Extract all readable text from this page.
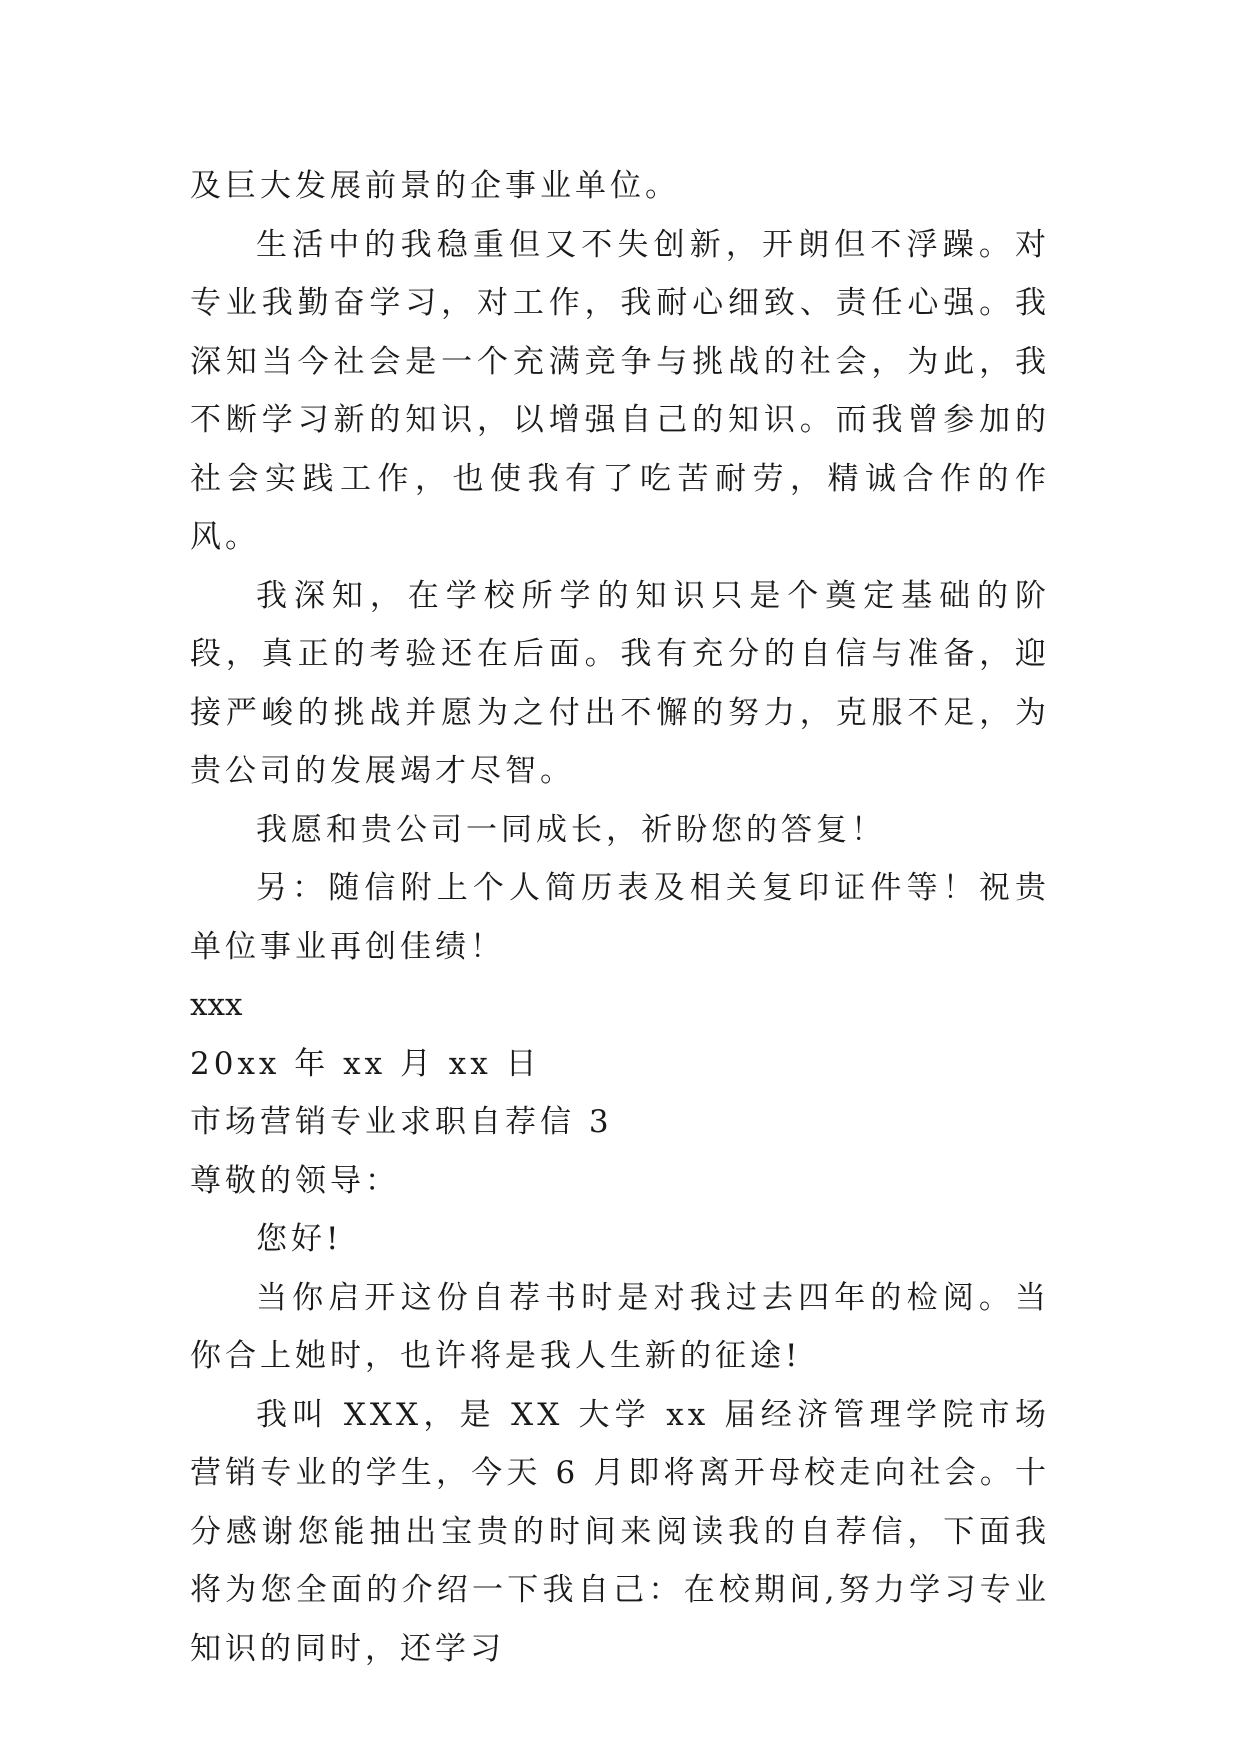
及巨大发展前景的企事业单位。

生活中的我稳重但又不失创新，开朗但不浮躁。对专业我勤奋学习，对工作，我耐心细致、责任心强。我深知当今社会是一个充满竞争与挑战的社会，为此，我不断学习新的知识，以增强自己的知识。而我曾参加的社会实践工作，也使我有了吃苦耐劳，精诚合作的作风。

我深知，在学校所学的知识只是个奠定基础的阶段，真正的考验还在后面。我有充分的自信与准备，迎接严峻的挑战并愿为之付出不懈的努力，克服不足，为贵公司的发展竭才尽智。

我愿和贵公司一同成长，祈盼您的答复！

另：随信附上个人简历表及相关复印证件等！祝贵单位事业再创佳绩！

xxx

20xx 年 xx 月 xx 日

市场营销专业求职自荐信 3

尊敬的领导：

您好!

当你启开这份自荐书时是对我过去四年的检阅。当你合上她时，也许将是我人生新的征途!

我叫 XXX，是 XX 大学 xx 届经济管理学院市场营销专业的学生，今天 6 月即将离开母校走向社会。十分感谢您能抽出宝贵的时间来阅读我的自荐信，下面我将为您全面的介绍一下我自己：在校期间,努力学习专业知识的同时，还学习
